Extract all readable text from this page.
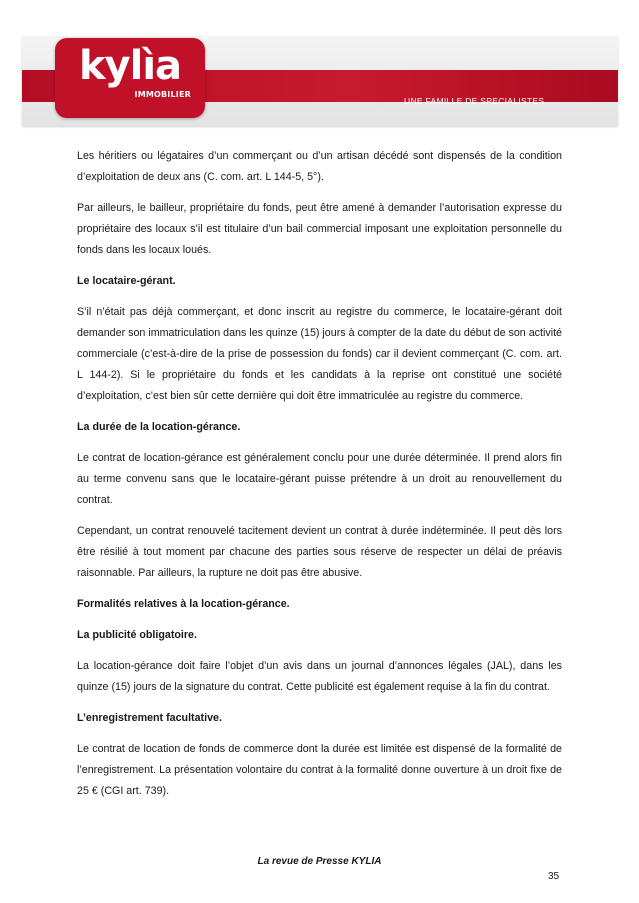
kylìa
IMMOBILIER
UNE FAMILLE DE SPECIALISTES

Les héritiers ou légataires d’un commerçant ou d’un artisan décédé sont dispensés de la condition d’exploitation de deux ans (C. com. art. L 144-5, 5°).

Par ailleurs, le bailleur, propriétaire du fonds, peut être amené à demander l’autorisation expresse du propriétaire des locaux s’il est titulaire d’un bail commercial imposant une exploitation personnelle du fonds dans les locaux loués.

Le locataire-gérant.

S’il n’était pas déjà commerçant, et donc inscrit au registre du commerce, le locataire-gérant doit demander son immatriculation dans les quinze (15) jours à compter de la date du début de son activité commerciale (c’est-à-dire de la prise de possession du fonds) car il devient commerçant (C. com. art. L 144-2). Si le propriétaire du fonds et les candidats à la reprise ont constitué une société d’exploitation, c’est bien sûr cette dernière qui doit être immatriculée au registre du commerce.

La durée de la location-gérance.

Le contrat de location-gérance est généralement conclu pour une durée déterminée. Il prend alors fin au terme convenu sans que le locataire-gérant puisse prétendre à un droit au renouvellement du contrat.

Cependant, un contrat renouvelé tacitement devient un contrat à durée indéterminée. Il peut dès lors être résilié à tout moment par chacune des parties sous réserve de respecter un délai de préavis raisonnable. Par ailleurs, la rupture ne doit pas être abusive.

Formalités relatives à la location-gérance.

La publicité obligatoire.

La location-gérance doit faire l’objet d’un avis dans un journal d’annonces légales (JAL), dans les quinze (15) jours de la signature du contrat. Cette publicité est également requise à la fin du contrat.

L’enregistrement facultative.

Le contrat de location de fonds de commerce dont la durée est limitée est dispensé de la formalité de l’enregistrement. La présentation volontaire du contrat à la formalité donne ouverture à un droit fixe de 25 € (CGI art. 739).

La revue de Presse KYLIA
35
